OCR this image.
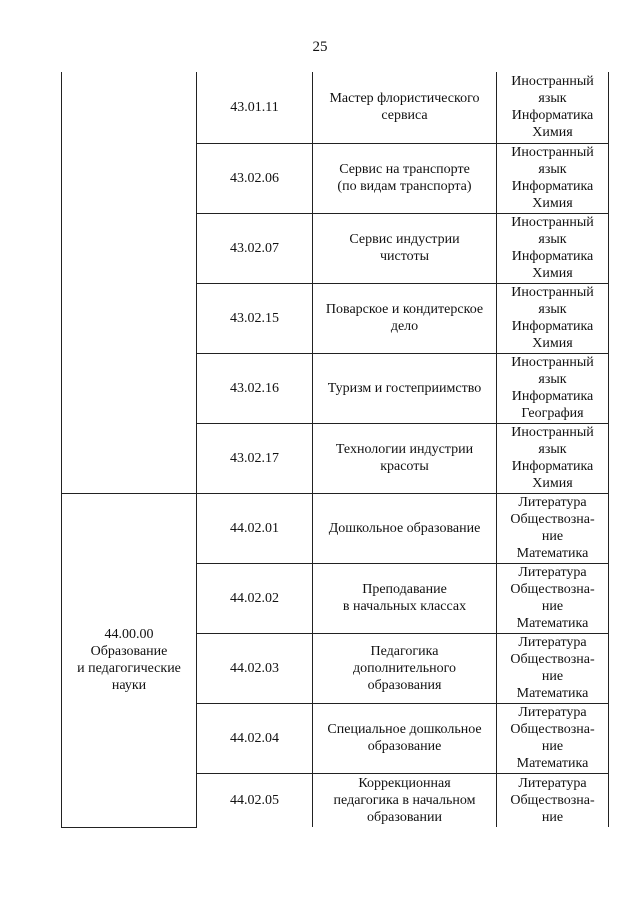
25
	43.01.11	Мастер флористического
сервиса	Иностранный
язык
Информатика
Химия

	43.02.06	Сервис на транспорте
(по видам транспорта)	Иностранный
язык
Информатика
Химия

	43.02.07	Сервис индустрии
чистоты	Иностранный
язык
Информатика
Химия

	43.02.15	Поварское и кондитерское
дело	Иностранный
язык
Информатика
Химия

	43.02.16	Туризм и гостеприимство	Иностранный
язык
Информатика
География

	43.02.17	Технологии индустрии
красоты	Иностранный
язык
Информатика
Химия

44.00.00
Образование
и педагогические
науки	44.02.01	Дошкольное образование	Литература
Обществозна-
ние
Математика

	44.02.02	Преподавание
в начальных классах	Литература
Обществозна-
ние
Математика

	44.02.03	Педагогика
дополнительного
образования	Литература
Обществозна-
ние
Математика

	44.02.04	Специальное дошкольное
образование	Литература
Обществозна-
ние
Математика

	44.02.05	Коррекционная
педагогика в начальном
образовании	Литература
Обществозна-
ние
